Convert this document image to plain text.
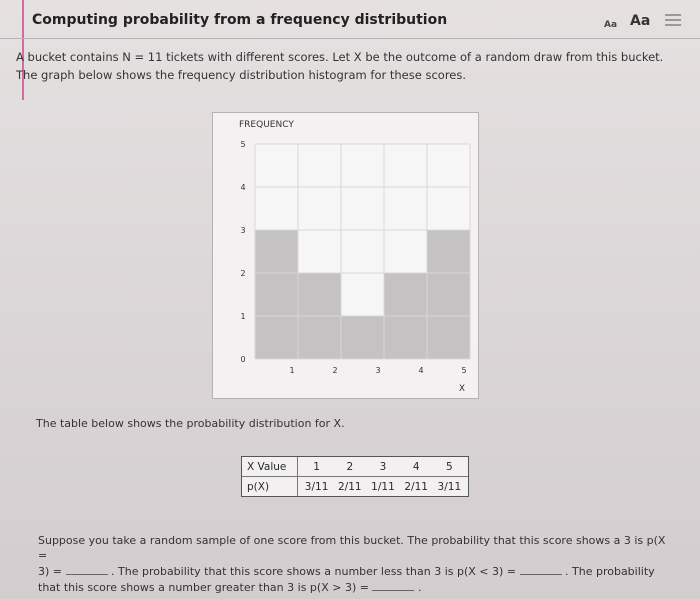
Computing probability from a frequency distribution	Aa Aa
A bucket contains N = 11 tickets with different scores. Let X be the outcome of a random draw from this bucket. The graph below shows the frequency distribution histogram for these scores.
FREQUENCY
0
1
2
3
4
5
1	2	3	4	5
X
The table below shows the probability distribution for X.
X Value	1	2	3	4	5
p(X)	3/11 2/11 1/11 2/11 3/11
Suppose you take a random sample of one score from this bucket. The probability that this score shows a 3 is p(X =
3) =	. The probability that this score shows a number less than 3 is p(X < 3) =	. The probability
that this score shows a number greater than 3 is p(X > 3) =	.
